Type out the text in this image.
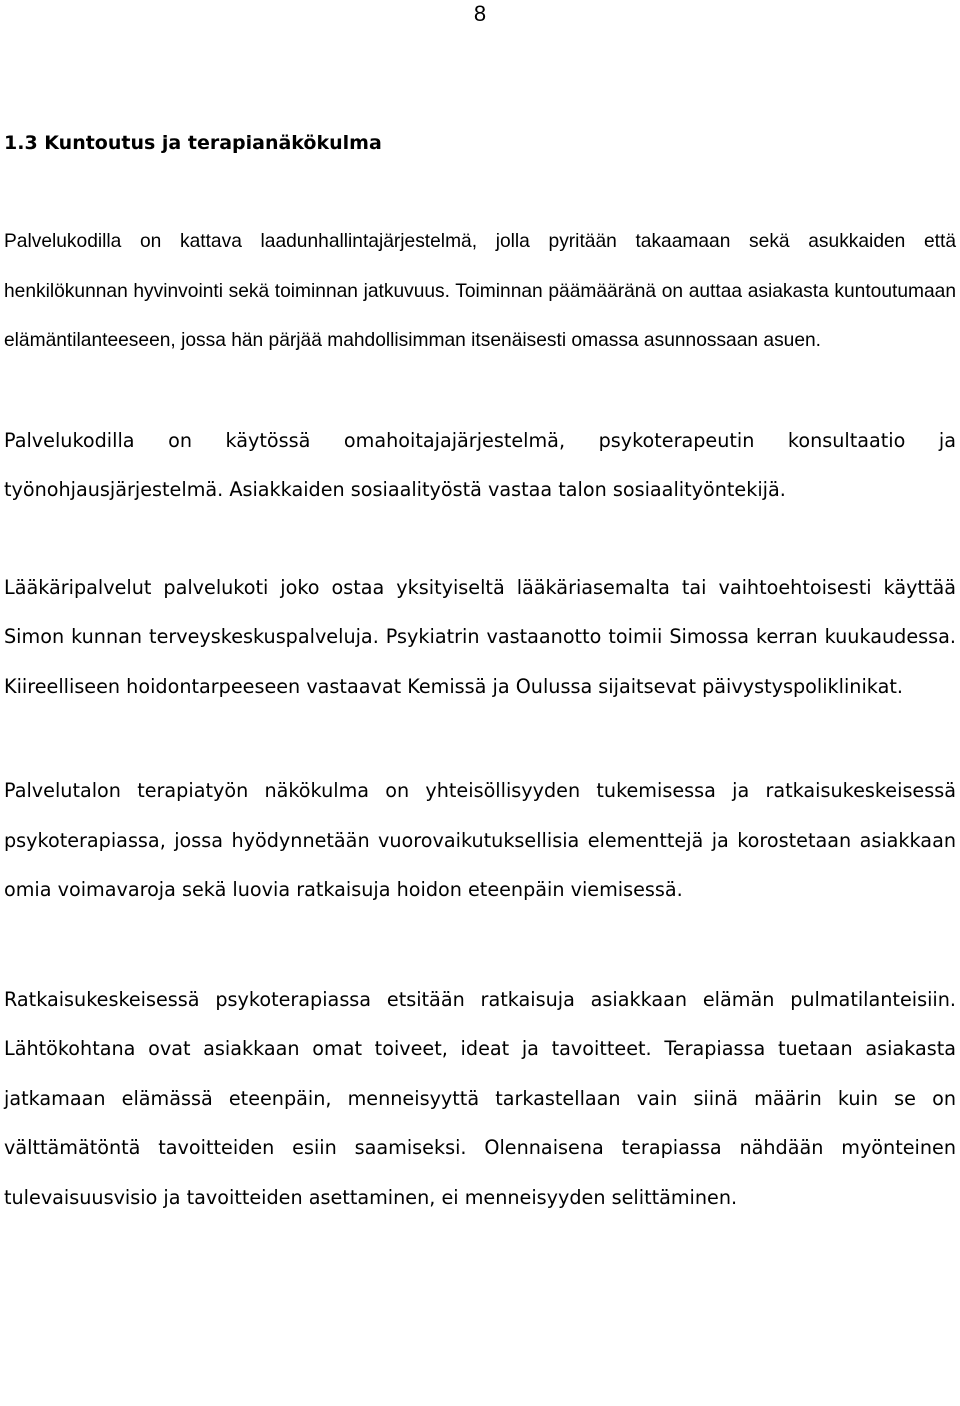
8
1.3 Kuntoutus ja terapianäkökulma

Palvelukodilla on kattava laadunhallintajärjestelmä, jolla pyritään takaamaan sekä asukkaiden että henkilökunnan hyvinvointi sekä toiminnan jatkuvuus. Toiminnan päämääränä on auttaa asiakasta kuntoutumaan elämäntilanteeseen, jossa hän pärjää mahdollisimman itsenäisesti omassa asunnossaan asuen.

Palvelukodilla on käytössä omahoitajajärjestelmä, psykoterapeutin konsultaatio ja työnohjausjärjestelmä. Asiakkaiden sosiaalityöstä vastaa talon sosiaalityöntekijä.

Lääkäripalvelut palvelukoti joko ostaa yksityiseltä lääkäriasemalta tai vaihtoehtoisesti käyttää Simon kunnan terveyskeskuspalveluja. Psykiatrin vastaanotto toimii Simossa kerran kuukaudessa. Kiireelliseen hoidontarpeeseen vastaavat Kemissä ja Oulussa sijaitsevat päivystyspoliklinikat.

Palvelutalon terapiatyön näkökulma on yhteisöllisyyden tukemisessa ja ratkaisukeskeisessä psykoterapiassa, jossa hyödynnetään vuorovaikutuksellisia elementtejä ja korostetaan asiakkaan omia voimavaroja sekä luovia ratkaisuja hoidon eteenpäin viemisessä.

Ratkaisukeskeisessä psykoterapiassa etsitään ratkaisuja asiakkaan elämän pulmatilanteisiin. Lähtökohtana ovat asiakkaan omat toiveet, ideat ja tavoitteet. Terapiassa tuetaan asiakasta jatkamaan elämässä eteenpäin, menneisyyttä tarkastellaan vain siinä määrin kuin se on välttämätöntä tavoitteiden esiin saamiseksi. Olennaisena terapiassa nähdään myönteinen tulevaisuusvisio ja tavoitteiden asettaminen, ei menneisyyden selittäminen.
